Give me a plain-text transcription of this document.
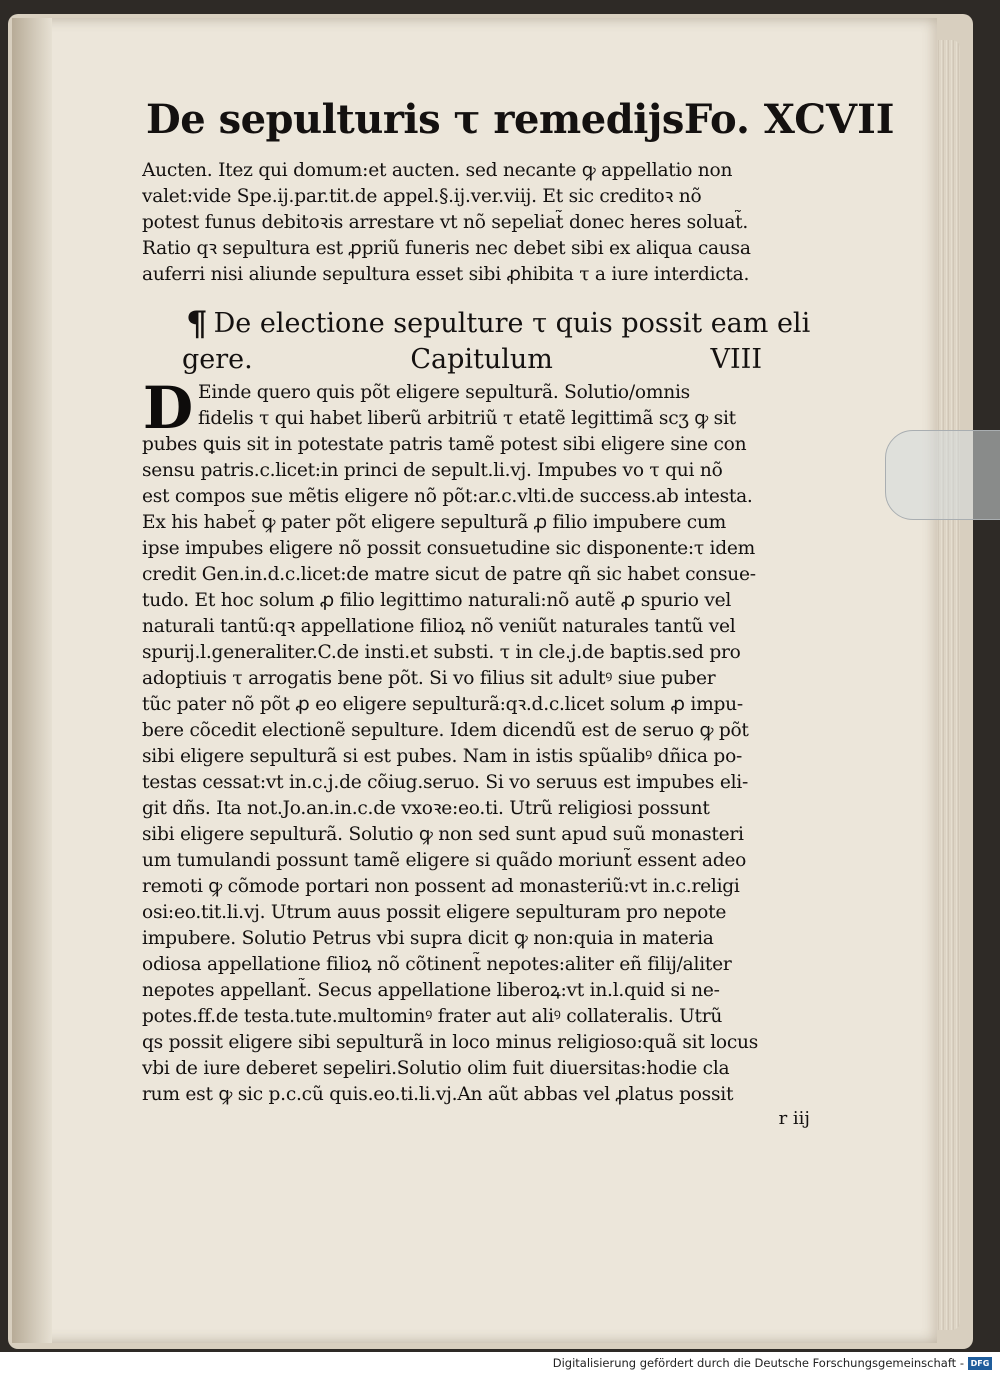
De sepulturis τ remedijs Fo. XCVII
Aucten. Itez qui domum:et aucten. sed necante ꝙ appellatio non
valet:vide Spe.ij.par.tit.de appel.§.ij.ver.viij. Et sic creditoꝛ nõ
potest funus debitoꝛis arrestare vt nõ sepeliat̃ donec heres soluat̃.
Ratio qꝛ sepultura est ꝓpriũ funeris nec debet sibi ex aliqua causa
auferri nisi aliunde sepultura esset sibi ꝓhibita τ a iure interdicta.
¶ De electione sepulture τ quis possit eam eli
gere.	Capitulum	VIII
D Einde quero quis põt eligere sepulturã. Solutio/omnis
fidelis τ qui habet liberũ arbitriũ τ etatẽ legittimã scʒ ꝙ sit
pubes ꝗuis sit in potestate patris tamẽ potest sibi eligere sine con
sensu patris.c.licet:in princi de sepult.li.vj. Impubes vo τ qui nõ
est compos sue mẽtis eligere nõ põt:ar.c.vlti.de success.ab intesta.
Ex his habet̃ ꝙ pater põt eligere sepulturã ꝓ filio impubere cum
ipse impubes eligere nõ possit consuetudine sic disponente:τ idem
credit Gen.in.d.c.licet:de matre sicut de patre qñ sic habet consue-
tudo. Et hoc solum ꝓ filio legittimo naturali:nõ autẽ ꝓ spurio vel
naturali tantũ:qꝛ appellatione filioꝝ nõ veniũt naturales tantũ vel
spurij.l.generaliter.C.de insti.et substi. τ in cle.j.de baptis.sed pro
adoptiuis τ arrogatis bene põt. Si vo filius sit adultꝰ siue puber
tũc pater nõ põt ꝓ eo eligere sepulturã:qꝛ.d.c.licet solum ꝓ impu-
bere cõcedit electionẽ sepulture. Idem dicendũ est de seruo ꝙ põt
sibi eligere sepulturã si est pubes. Nam in istis spũalibꝰ dñica po-
testas cessat:vt in.c.j.de cõiug.seruo. Si vo seruus est impubes eli-
git dñs. Ita not.Jo.an.in.c.de vxoꝛe:eo.ti. Utrũ religiosi possunt
sibi eligere sepulturã. Solutio ꝙ non sed sunt apud suũ monasteri
um tumulandi possunt tamẽ eligere si quãdo moriunt̃ essent adeo
remoti ꝙ cõmode portari non possent ad monasteriũ:vt in.c.religi
osi:eo.tit.li.vj. Utrum auus possit eligere sepulturam pro nepote
impubere. Solutio Petrus vbi supra dicit ꝙ non:quia in materia
odiosa appellatione filioꝝ nõ cõtinent̃ nepotes:aliter eñ filij/aliter
nepotes appellant̃. Secus appellatione liberoꝝ:vt in.l.quid si ne-
potes.ff.de testa.tute.multominꝰ frater aut aliꝰ collateralis. Utrũ
qs possit eligere sibi sepulturã in loco minus religioso:quã sit locus
vbi de iure deberet sepeliri.Solutio olim fuit diuersitas:hodie cla
rum est ꝙ sic p.c.cũ quis.eo.ti.li.vj.An aũt abbas vel ꝓlatus possit
r iij
Digitalisierung gefördert durch die Deutsche Forschungsgemeinschaft - DFG
